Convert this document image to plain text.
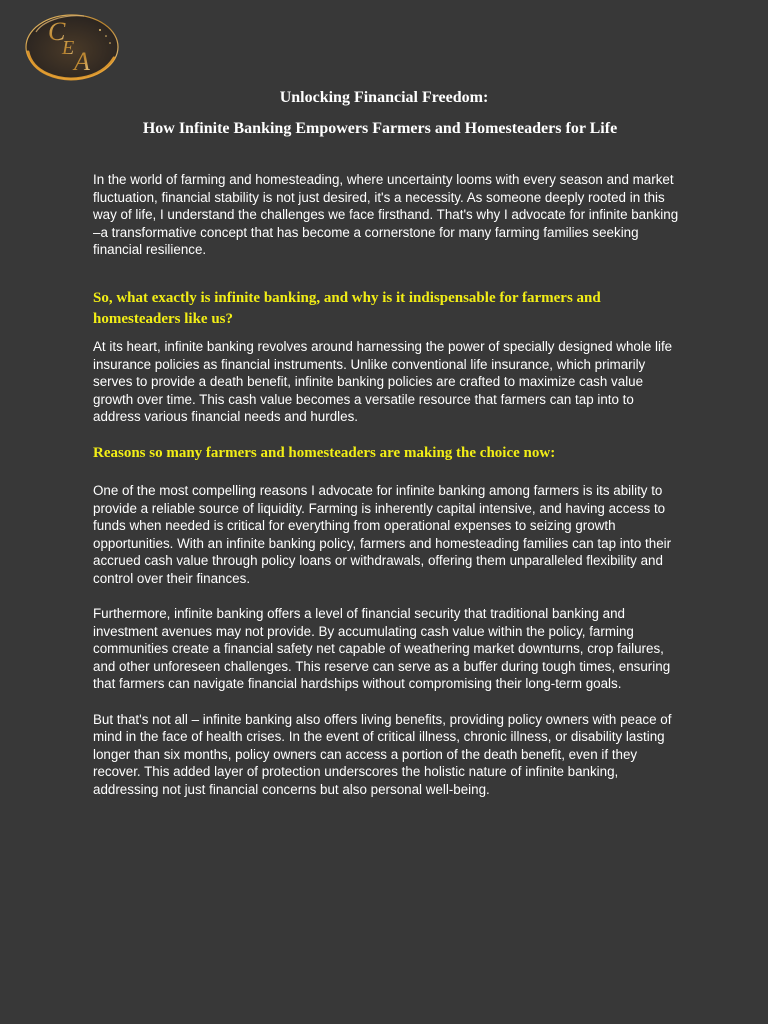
C
E A
Unlocking Financial Freedom:
How Infinite Banking Empowers Farmers and Homesteaders for Life

In the world of farming and homesteading, where uncertainty looms with every season and market fluctuation, financial stability is not just desired, it's a necessity. As someone deeply rooted in this way of life, I understand the challenges we face firsthand. That's why I advocate for infinite banking –a transformative concept that has become a cornerstone for many farming families seeking financial resilience.

So, what exactly is infinite banking, and why is it indispensable for farmers and homesteaders like us?

At its heart, infinite banking revolves around harnessing the power of specially designed whole life insurance policies as financial instruments. Unlike conventional life insurance, which primarily serves to provide a death benefit, infinite banking policies are crafted to maximize cash value growth over time. This cash value becomes a versatile resource that farmers can tap into to address various financial needs and hurdles.

Reasons so many farmers and homesteaders are making the choice now:

One of the most compelling reasons I advocate for infinite banking among farmers is its ability to provide a reliable source of liquidity. Farming is inherently capital intensive, and having access to funds when needed is critical for everything from operational expenses to seizing growth opportunities. With an infinite banking policy, farmers and homesteading families can tap into their accrued cash value through policy loans or withdrawals, offering them unparalleled flexibility and control over their finances.

Furthermore, infinite banking offers a level of financial security that traditional banking and investment avenues may not provide. By accumulating cash value within the policy, farming communities create a financial safety net capable of weathering market downturns, crop failures, and other unforeseen challenges. This reserve can serve as a buffer during tough times, ensuring that farmers can navigate financial hardships without compromising their long-term goals.

But that's not all – infinite banking also offers living benefits, providing policy owners with peace of mind in the face of health crises. In the event of critical illness, chronic illness, or disability lasting longer than six months, policy owners can access a portion of the death benefit, even if they recover. This added layer of protection underscores the holistic nature of infinite banking, addressing not just financial concerns but also personal well-being.
